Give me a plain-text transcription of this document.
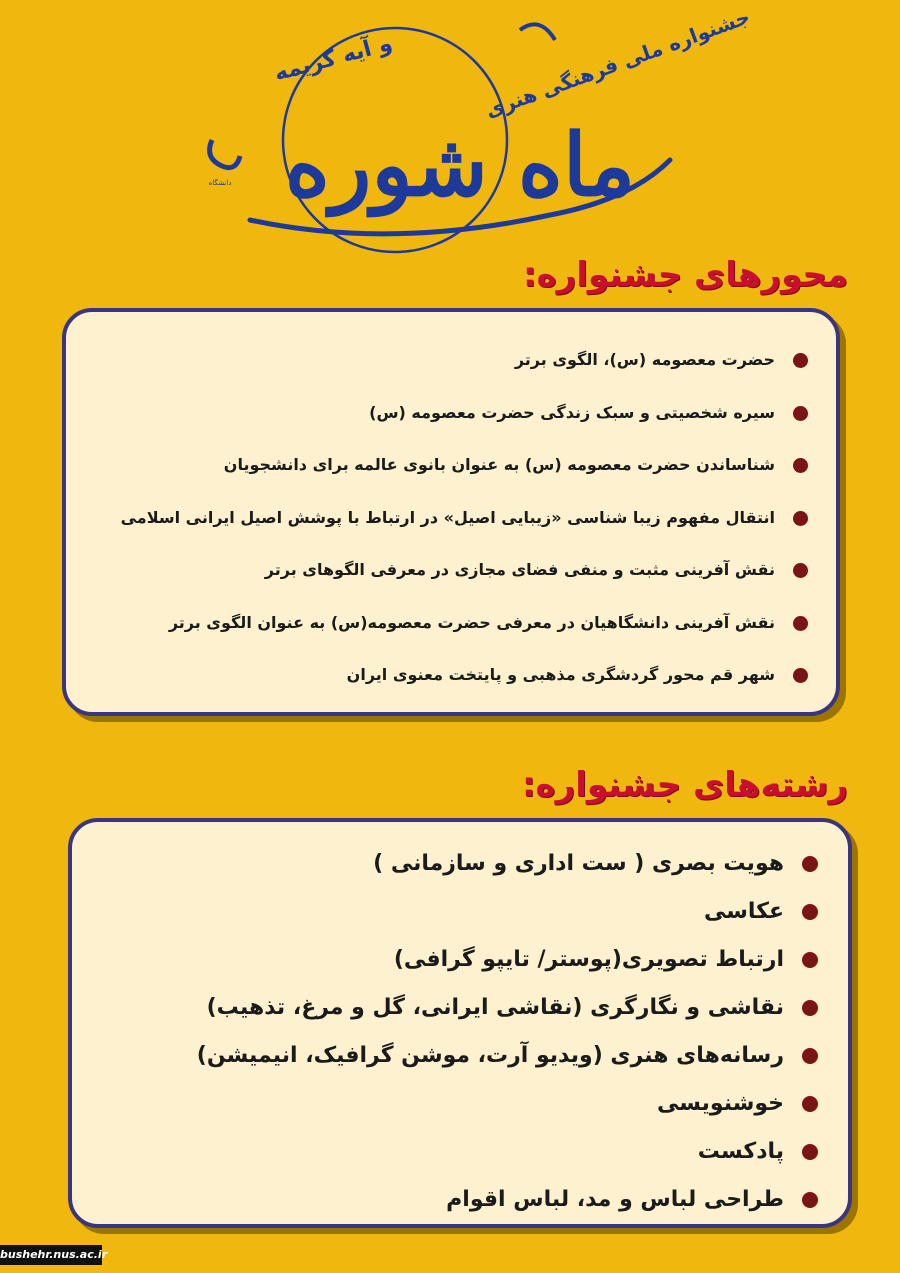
جشنواره ملی فرهنگی هنری
و آیه کریمه
ماه شوره
دانشگاه
محورهای جشنواره:
حضرت معصومه (س)، الگوی برتر
سیره شخصیتی و سبک زندگی حضرت معصومه (س)
شناساندن حضرت معصومه (س) به عنوان بانوی عالمه برای دانشجویان
انتقال مفهوم زیبا شناسی «زیبایی اصیل» در ارتباط با پوشش اصیل ایرانی اسلامی
نقش آفرینی مثبت و منفی فضای مجازی در معرفی الگوهای برتر
نقش آفرینی دانشگاهیان در معرفی حضرت معصومه(س) به عنوان الگوی برتر
شهر قم محور گردشگری مذهبی و پایتخت معنوی ایران
رشته‌های جشنواره:
هویت بصری ( ست اداری و سازمانی )
عکاسی
ارتباط تصویری(پوستر/ تایپو گرافی)
نقاشی و نگارگری (نقاشی ایرانی، گل و مرغ، تذهیب)
رسانه‌های هنری (ویدیو آرت، موشن گرافیک، انیمیشن)
خوشنویسی
پادکست
طراحی لباس و مد، لباس اقوام
bushehr.nus.ac.ir
